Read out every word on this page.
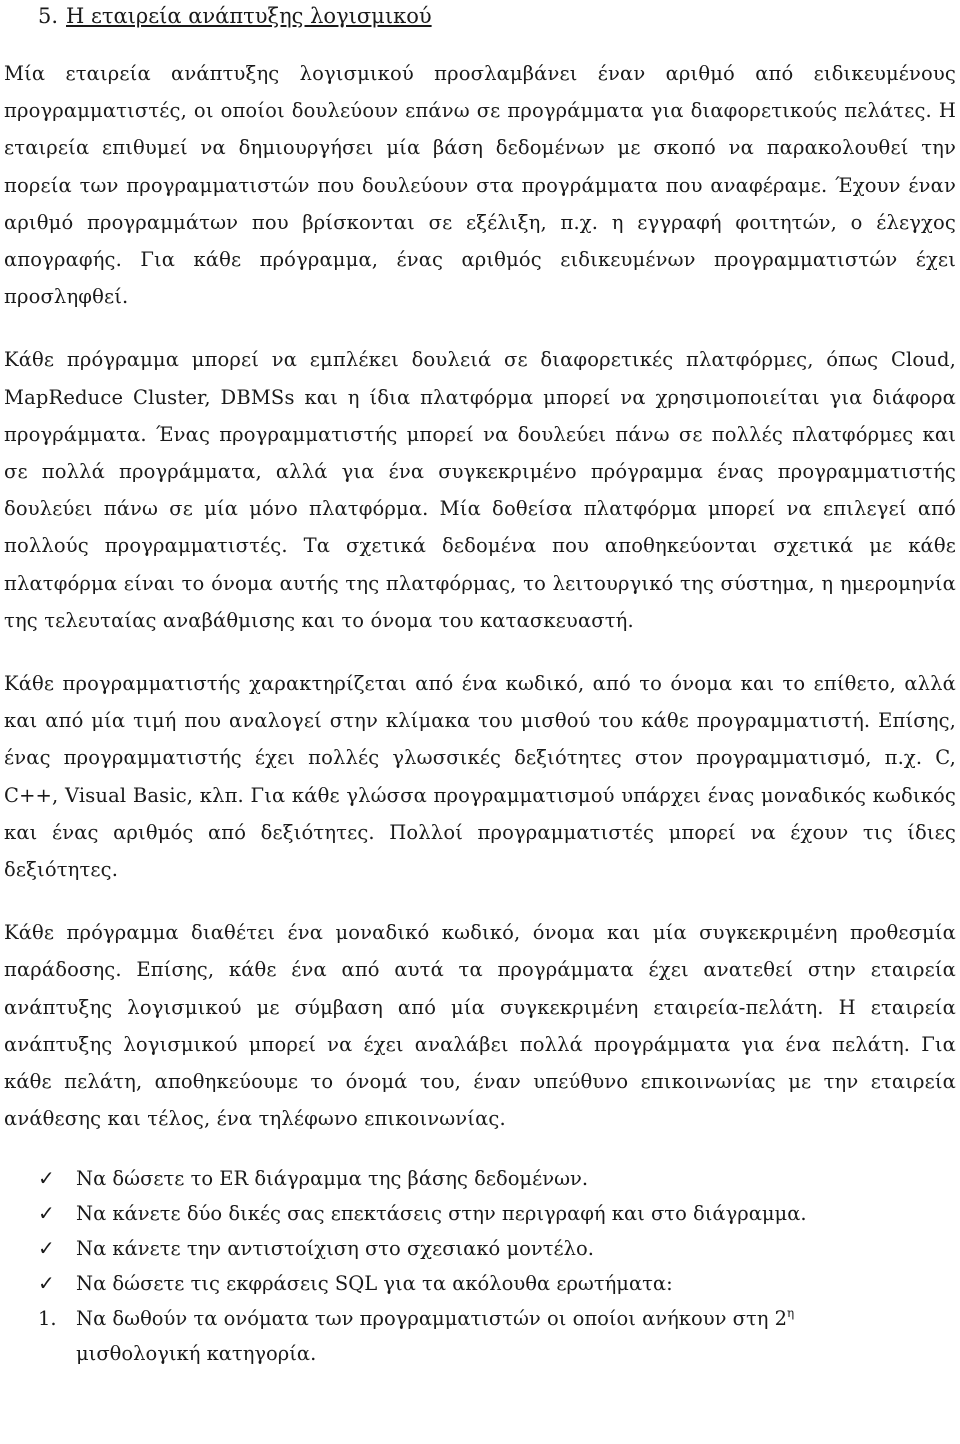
5. Η εταιρεία ανάπτυξης λογισμικού

Μία εταιρεία ανάπτυξης λογισμικού προσλαμβάνει έναν αριθμό από ειδικευμένους προγραμματιστές, οι οποίοι δουλεύουν επάνω σε προγράμματα για διαφορετικούς πελάτες. Η εταιρεία επιθυμεί να δημιουργήσει μία βάση δεδομένων με σκοπό να παρακολουθεί την πορεία των προγραμματιστών που δουλεύουν στα προγράμματα που αναφέραμε. Έχουν έναν αριθμό προγραμμάτων που βρίσκονται σε εξέλιξη, π.χ. η εγγραφή φοιτητών, ο έλεγχος απογραφής. Για κάθε πρόγραμμα, ένας αριθμός ειδικευμένων προγραμματιστών έχει προσληφθεί.

Κάθε πρόγραμμα μπορεί να εμπλέκει δουλειά σε διαφορετικές πλατφόρμες, όπως Cloud, MapReduce Cluster, DBMSs και η ίδια πλατφόρμα μπορεί να χρησιμοποιείται για διάφορα προγράμματα. Ένας προγραμματιστής μπορεί να δουλεύει πάνω σε πολλές πλατφόρμες και σε πολλά προγράμματα, αλλά για ένα συγκεκριμένο πρόγραμμα ένας προγραμματιστής δουλεύει πάνω σε μία μόνο πλατφόρμα. Μία δοθείσα πλατφόρμα μπορεί να επιλεγεί από πολλούς προγραμματιστές. Τα σχετικά δεδομένα που αποθηκεύονται σχετικά με κάθε πλατφόρμα είναι το όνομα αυτής της πλατφόρμας, το λειτουργικό της σύστημα, η ημερομηνία της τελευταίας αναβάθμισης και το όνομα του κατασκευαστή.

Κάθε προγραμματιστής χαρακτηρίζεται από ένα κωδικό, από το όνομα και το επίθετο, αλλά και από μία τιμή που αναλογεί στην κλίμακα του μισθού του κάθε προγραμματιστή. Επίσης, ένας προγραμματιστής έχει πολλές γλωσσικές δεξιότητες στον προγραμματισμό, π.χ. C, C++, Visual Basic, κλπ. Για κάθε γλώσσα προγραμματισμού υπάρχει ένας μοναδικός κωδικός και ένας αριθμός από δεξιότητες. Πολλοί προγραμματιστές μπορεί να έχουν τις ίδιες δεξιότητες.

Κάθε πρόγραμμα διαθέτει ένα μοναδικό κωδικό, όνομα και μία συγκεκριμένη προθεσμία παράδοσης. Επίσης, κάθε ένα από αυτά τα προγράμματα έχει ανατεθεί στην εταιρεία ανάπτυξης λογισμικού με σύμβαση από μία συγκεκριμένη εταιρεία-πελάτη. Η εταιρεία ανάπτυξης λογισμικού μπορεί να έχει αναλάβει πολλά προγράμματα για ένα πελάτη. Για κάθε πελάτη, αποθηκεύουμε το όνομά του, έναν υπεύθυνο επικοινωνίας με την εταιρεία ανάθεσης και τέλος, ένα τηλέφωνο επικοινωνίας.

✓	Να δώσετε το ER διάγραμμα της βάσης δεδομένων.
✓	Να κάνετε δύο δικές σας επεκτάσεις στην περιγραφή και στο διάγραμμα.
✓	Να κάνετε την αντιστοίχιση στο σχεσιακό μοντέλο.
✓	Να δώσετε τις εκφράσεις SQL για τα ακόλουθα ερωτήματα:
1. Να δωθούν τα ονόματα των προγραμματιστών οι οποίοι ανήκουν στη $2^\eta$
μισθολογική κατηγορία.
